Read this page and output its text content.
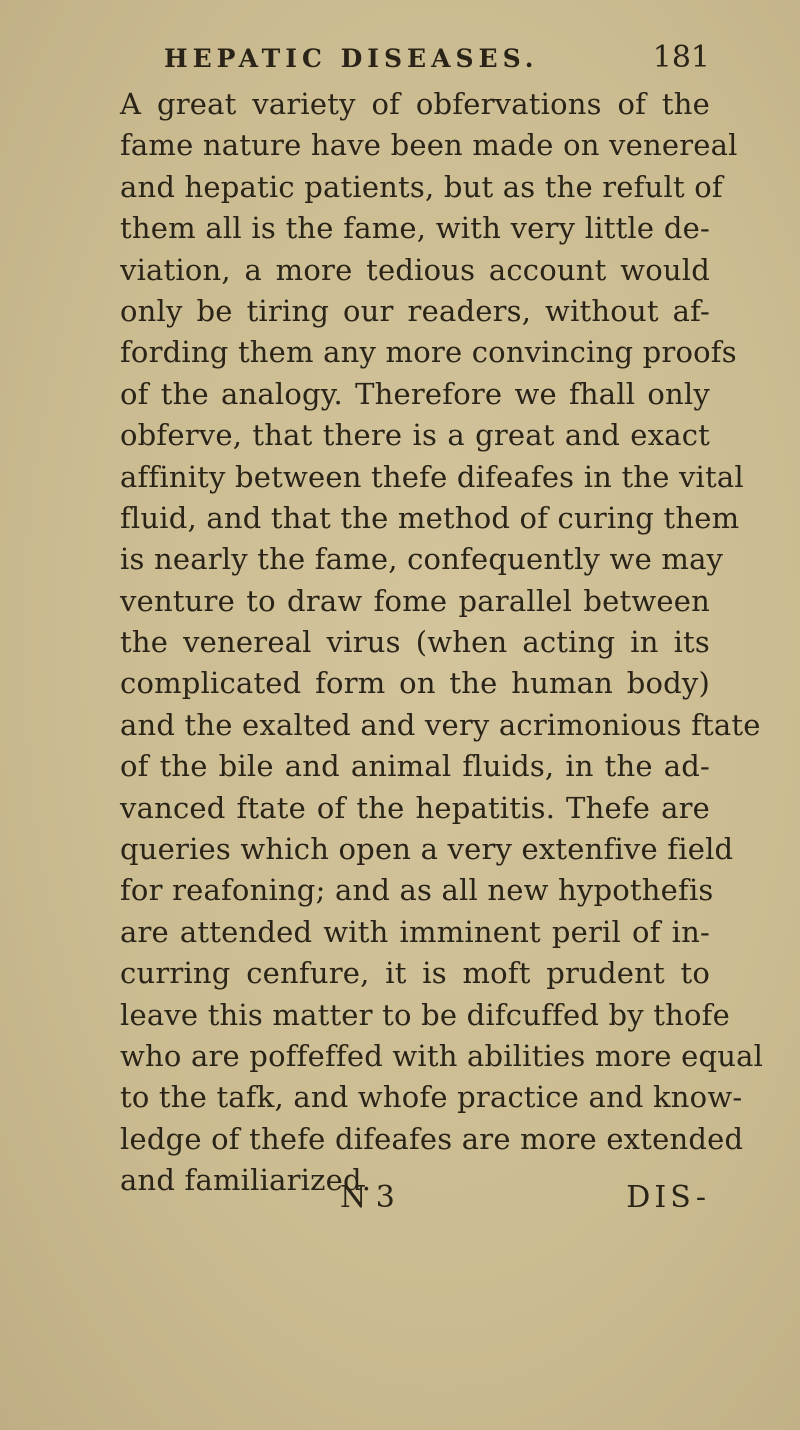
HEPATIC DISEASES.	181
A great variety of obfervations of the
fame nature have been made on venereal
and hepatic patients, but as the refult of
them all is the fame, with very little de-
viation, a more tedious account would
only be tiring our readers, without af-
fording them any more convincing proofs
of the analogy. Therefore we fhall only
obferve, that there is a great and exact
affinity between thefe difeafes in the vital
fluid, and that the method of curing them
is nearly the fame, confequently we may
venture to draw fome parallel between
the venereal virus (when acting in its
complicated form on the human body)
and the exalted and very acrimonious ftate
of the bile and animal fluids, in the ad-
vanced ftate of the hepatitis. Thefe are
queries which open a very extenfive field
for reafoning; and as all new hypothefis
are attended with imminent peril of in-
curring cenfure, it is moft prudent to
leave this matter to be difcuffed by thofe
who are poffeffed with abilities more equal
to the tafk, and whofe practice and know-
ledge of thefe difeafes are more extended
and familiarized.
N 3	DIS-
